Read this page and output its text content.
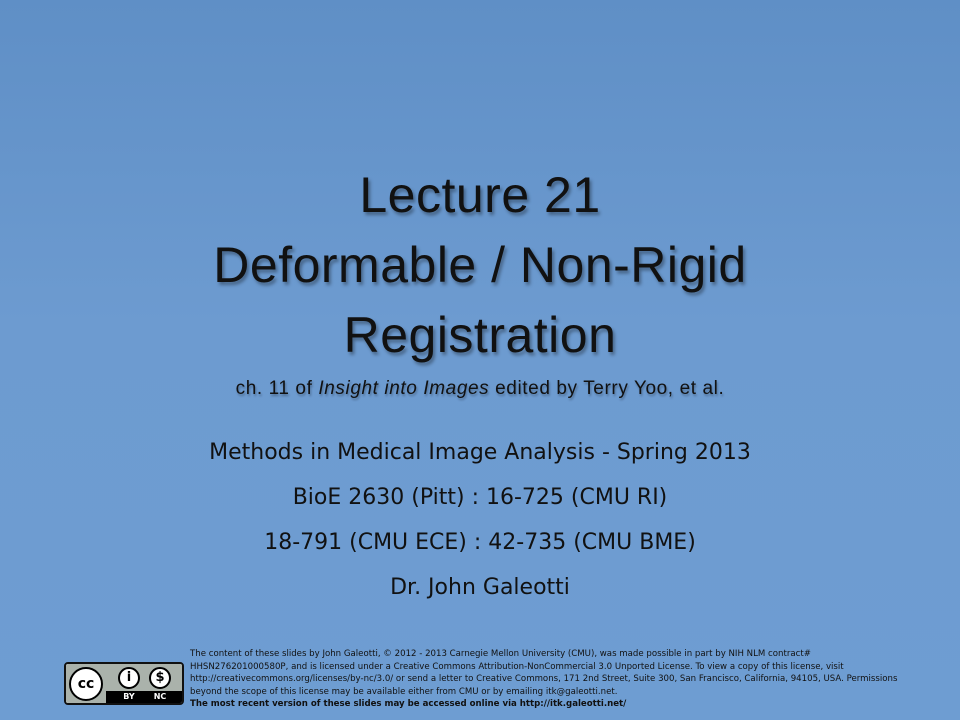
Lecture 21
Deformable / Non-Rigid
Registration
ch. 11 of Insight into Images edited by Terry Yoo, et al.
Methods in Medical Image Analysis - Spring 2013
BioE 2630 (Pitt) : 16-725 (CMU RI)
18-791 (CMU ECE) : 42-735 (CMU BME)
Dr. John Galeotti
cc	i	$
BY	NC
The content of these slides by John Galeotti, © 2012 - 2013 Carnegie Mellon University (CMU), was made possible in part by NIH NLM contract# HHSN276201000580P, and is licensed under a Creative Commons Attribution-NonCommercial 3.0 Unported License. To view a copy of this license, visit http://creativecommons.org/licenses/by-nc/3.0/ or send a letter to Creative Commons, 171 2nd Street, Suite 300, San Francisco, California, 94105, USA. Permissions beyond the scope of this license may be available either from CMU or by emailing itk@galeotti.net.
The most recent version of these slides may be accessed online via http://itk.galeotti.net/
